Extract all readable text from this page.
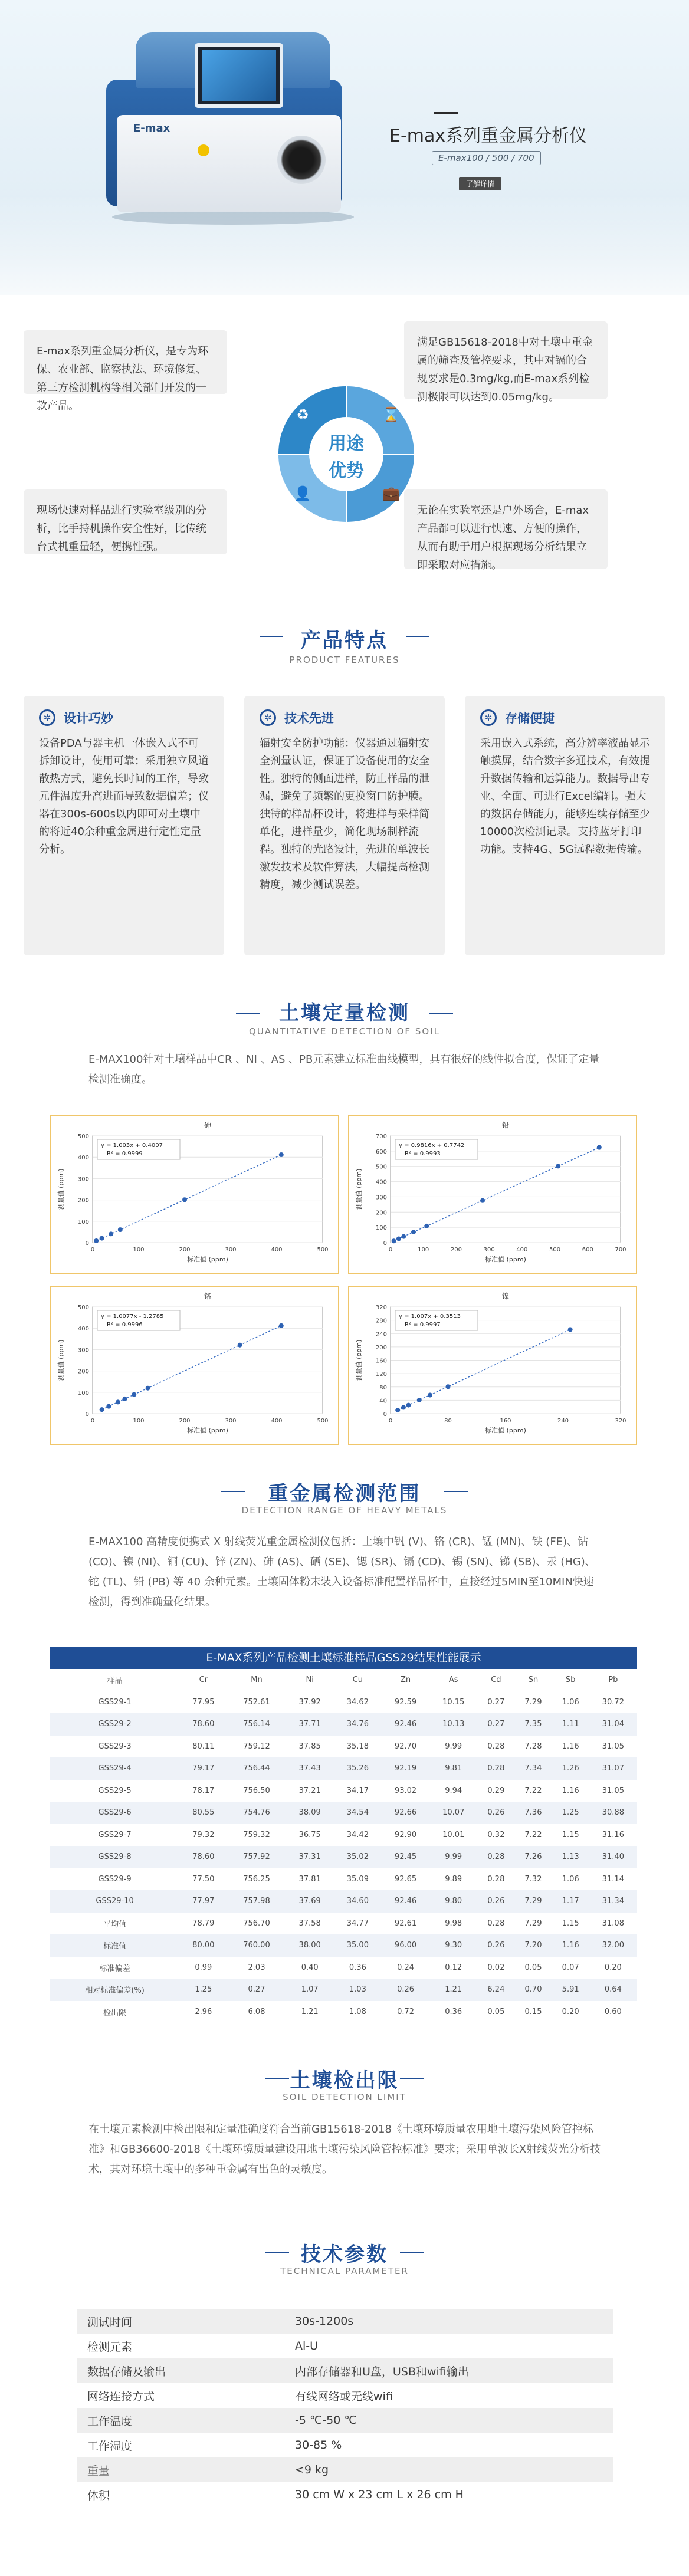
E-max	E-max系列重金属分析仪
E-max100 / 500 / 700
了解详情
E-max系列重金属分析仪，是专为环保、农业部、监察执法、环境修复、第三方检测机构等相关部门开发的一款产品。
满足GB15618-2018中对土壤中重金属的筛查及管控要求，其中对镉的合规要求是0.3mg/kg,而E-max系列检测极限可以达到0.05mg/kg。
现场快速对样品进行实验室级别的分析，比手持机操作安全性好，比传统台式机重量轻，便携性强。
无论在实验室还是户外场合，E-max产品都可以进行快速、方便的操作，从而有助于用户根据现场分析结果立即采取对应措施。
♻	⌛
👤	💼
用途
优势
产品特点
PRODUCT FEATURES
✲	设计巧妙
设备PDA与器主机一体嵌入式不可拆卸设计，使用可靠；采用独立风道散热方式，避免长时间的工作，导致元件温度升高进而导致数据偏差；仪器在300s-600s以内即可对土壤中的将近40余种重金属进行定性定量分析。
✲	技术先进
辐射安全防护功能：仪器通过辐射安全剂量认证，保证了设备使用的安全性。独特的侧面进样，防止样品的泄漏，避免了频繁的更换窗口防护膜。独特的样品杯设计，将进样与采样简单化，进样量少，简化现场制样流程。独特的光路设计，先进的单波长激发技术及软件算法，大幅提高检测精度，减少测试误差。
✲	存储便捷
采用嵌入式系统，高分辨率液晶显示触摸屏，结合数字多通技术，有效提升数据传输和运算能力。数据导出专业、全面、可进行Excel编辑。强大的数据存储能力，能够连续存储至少10000次检测记录。支持蓝牙打印功能。支持4G、5G远程数据传输。
土壤定量检测
QUANTITATIVE DETECTION OF SOIL
E-MAX100针对土壤样品中CR 、NI 、AS 、PB元素建立标准曲线模型，具有很好的线性拟合度，保证了定量检测准确度。
砷
0
100
200
300
400
500
0	100	200	300	400	500
标准值 (ppm)
测量值 (ppm)
y = 1.003x + 0.4007
R² = 0.9999
铅
0
100
200
300
400
500
600
700
0	100	200	300	400	500	600	700
标准值 (ppm)
测量值 (ppm)
y = 0.9816x + 0.7742
R² = 0.9993
铬
0
100
200
300
400
500
0	100	200	300	400	500
标准值 (ppm)
测量值 (ppm)
y = 1.0077x - 1.2785
R² = 0.9996
镍
0
40
80
120
160
200
240
280
320
0	80	160	240	320
标准值 (ppm)
测量值 (ppm)
y = 1.007x + 0.3513
R² = 0.9997
重金属检测范围
DETECTION RANGE OF HEAVY METALS
E-MAX100 高精度便携式 X 射线荧光重金属检测仪包括：土壤中钒 (V)、铬 (CR)、锰 (MN)、铁 (FE)、钴 (CO)、镍 (NI)、铜 (CU)、锌 (ZN)、砷 (AS)、硒 (SE)、锶 (SR)、镉 (CD)、锡 (SN)、锑 (SB)、汞 (HG)、铊 (TL)、铅 (PB) 等 40 余种元素。土壤固体粉末装入设备标准配置样品杯中，直接经过5MIN至10MIN快速检测，得到准确量化结果。
E-MAX系列产品检测土壤标准样品GSS29结果性能展示
样品	Cr	Mn	Ni	Cu	Zn	As	Cd	Sn	Sb	Pb
GSS29-1	77.95	752.61	37.92	34.62	92.59	10.15	0.27	7.29	1.06	30.72
GSS29-2	78.60	756.14	37.71	34.76	92.46	10.13	0.27	7.35	1.11	31.04
GSS29-3	80.11	759.12	37.85	35.18	92.70	9.99	0.28	7.28	1.16	31.05
GSS29-4	79.17	756.44	37.43	35.26	92.19	9.81	0.28	7.34	1.26	31.07
GSS29-5	78.17	756.50	37.21	34.17	93.02	9.94	0.29	7.22	1.16	31.05
GSS29-6	80.55	754.76	38.09	34.54	92.66	10.07	0.26	7.36	1.25	30.88
GSS29-7	79.32	759.32	36.75	34.42	92.90	10.01	0.32	7.22	1.15	31.16
GSS29-8	78.60	757.92	37.31	35.02	92.45	9.99	0.28	7.26	1.13	31.40
GSS29-9	77.50	756.25	37.81	35.09	92.65	9.89	0.28	7.32	1.06	31.14
GSS29-10	77.97	757.98	37.69	34.60	92.46	9.80	0.26	7.29	1.17	31.34
平均值	78.79	756.70	37.58	34.77	92.61	9.98	0.28	7.29	1.15	31.08
标准值	80.00	760.00	38.00	35.00	96.00	9.30	0.26	7.20	1.16	32.00
标准偏差	0.99	2.03	0.40	0.36	0.24	0.12	0.02	0.05	0.07	0.20
相对标准偏差(%)	1.25	0.27	1.07	1.03	0.26	1.21	6.24	0.70	5.91	0.64
检出限	2.96	6.08	1.21	1.08	0.72	0.36	0.05	0.15	0.20	0.60
土壤检出限
SOIL DETECTION LIMIT
在土壤元素检测中检出限和定量准确度符合当前GB15618-2018《土壤环境质量农用地土壤污染风险管控标准》和GB36600-2018《土壤环境质量建设用地土壤污染风险管控标准》要求；采用单波长X射线荧光分析技术，其对环境土壤中的多种重金属有出色的灵敏度。
技术参数
TECHNICAL PARAMETER
测试时间	30s-1200s
检测元素	Al-U
数据存储及输出	内部存储器和U盘，USB和wifi输出
网络连接方式	有线网络或无线wifi
工作温度	-5 ℃-50 ℃
工作湿度	30-85 %
重量	<9 kg
体积	30 cm W x 23 cm L x 26 cm H
